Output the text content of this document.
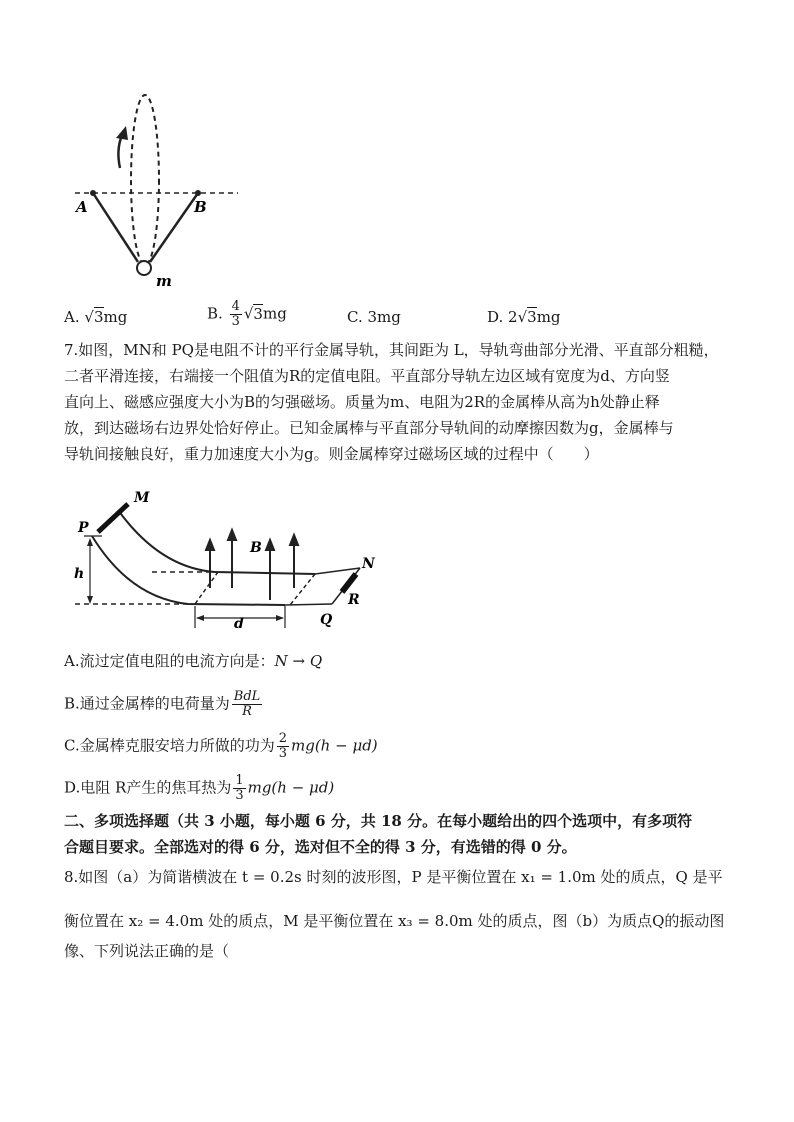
A	B
m
A. √3mg	B. $\frac{4}{3} √3mg$	C. 3mg	D. 2√3mg
7.如图，MN和 PQ是电阻不计的平行金属导轨，其间距为 L，导轨弯曲部分光滑、平直部分粗糙，
二者平滑连接，右端接一个阻值为R的定值电阻。平直部分导轨左边区域有宽度为d、方向竖
直向上、磁感应强度大小为B的匀强磁场。质量为m、电阻为2R的金属棒从高为h处静止释
放，到达磁场右边界处恰好停止。已知金属棒与平直部分导轨间的动摩擦因数为g，金属棒与
导轨间接触良好，重力加速度大小为g。则金属棒穿过磁场区域的过程中（　　）
M
P
h
B
N
R
Q
d
A.流过定值电阻的电流方向是：N → Q
B.通过金属棒的电荷量为 $\frac{\text{BdL}}{R}$
C.金属棒克服安培力所做的功为 $\frac{2}{3} mg(h - \mu d)$
D.电阻 R产生的焦耳热为 $\frac{1}{3} mg(h - \mu d)$
二、多项选择题（共 3 小题，每小题 6 分，共 18 分。在每小题给出的四个选项中，有多项符
合题目要求。全部选对的得 6 分，选对但不全的得 3 分，有选错的得 0 分。
8.如图（a）为简谐横波在 t = 0.2s 时刻的波形图，P 是平衡位置在 x₁ = 1.0m 处的质点，Q 是平
衡位置在 x₂ = 4.0m 处的质点，M 是平衡位置在 x₃ = 8.0m 处的质点，图（b）为质点Q的振动图
像、下列说法正确的是（
